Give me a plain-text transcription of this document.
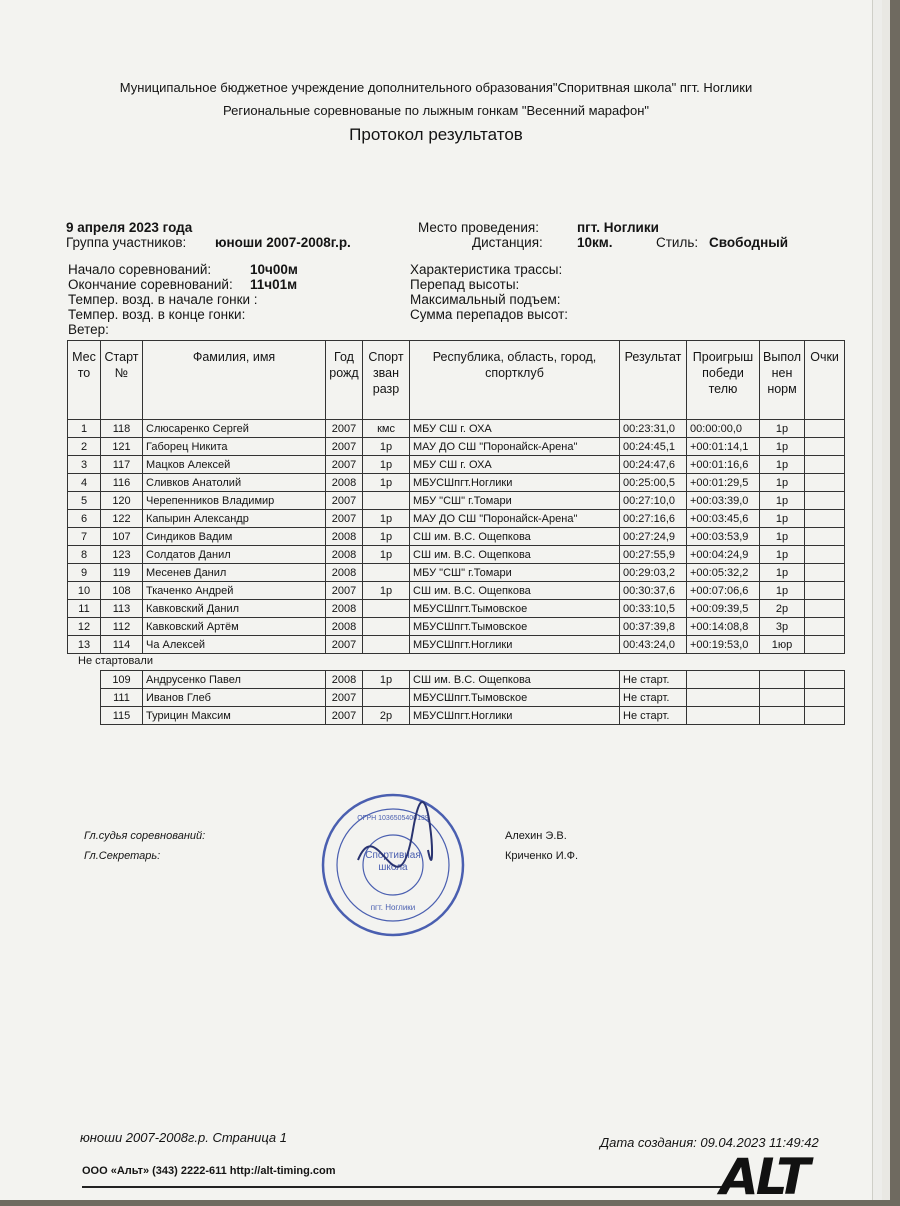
Муниципальное бюджетное учреждение дополнительного образования"Споритвная школа" пгт. Ноглики
Региональные соревнованые по лыжным гонкам "Весенний марафон"
Протокол результатов
9 апреля 2023 года
Группа участников: юноши 2007-2008г.р.
Место проведения:	пгт. Ноглики
Дистанция:	10км.	Стиль: Свободный
Начало соревнований:	10ч00м
Окончание соревнований: 11ч01м
Темпер. возд. в начале гонки :
Темпер. возд. в конце гонки:
Ветер:
Характеристика трассы:
Перепад высоты:
Максимальный подъем:
Сумма перепадов высот:
Мес то	Старт №	Фамилия, имя	Год рожд	Спорт зван разр	Республика, область, город, спортклуб	Результат	Проигрыш победи телю	Выпол нен норм	Очки
1	118	Слюсаренко Сергей	2007	кмс	МБУ СШ г. ОХА	00:23:31,0	00:00:00,0	1р	
2	121	Габорец Никита	2007	1р	МАУ ДО СШ "Поронайск-Арена"	00:24:45,1	+00:01:14,1	1р	
3	117	Мацков Алексей	2007	1р	МБУ СШ г. ОХА	00:24:47,6	+00:01:16,6	1р	
4	116	Сливков Анатолий	2008	1р	МБУСШпгт.Ноглики	00:25:00,5	+00:01:29,5	1р	
5	120	Черепенников Владимир	2007		МБУ "СШ" г.Томари	00:27:10,0	+00:03:39,0	1р	
6	122	Капырин Александр	2007	1р	МАУ ДО СШ "Поронайск-Арена"	00:27:16,6	+00:03:45,6	1р	
7	107	Синдиков Вадим	2008	1р	СШ им. В.С. Ощепкова	00:27:24,9	+00:03:53,9	1р	
8	123	Солдатов Данил	2008	1р	СШ им. В.С. Ощепкова	00:27:55,9	+00:04:24,9	1р	
9	119	Месенев Данил	2008		МБУ "СШ" г.Томари	00:29:03,2	+00:05:32,2	1р	
10	108	Ткаченко Андрей	2007	1р	СШ им. В.С. Ощепкова	00:30:37,6	+00:07:06,6	1р	
11	113	Кавковский Данил	2008		МБУСШпгт.Тымовское	00:33:10,5	+00:09:39,5	2р	
12	112	Кавковский Артём	2008		МБУСШпгт.Тымовское	00:37:39,8	+00:14:08,8	3р	
13	114	Ча Алексей	2007		МБУСШпгт.Ноглики	00:43:24,0	+00:19:53,0	1юр	
Не стартовали
109	Андрусенко Павел	2008	1р	СШ им. В.С. Ощепкова	Не старт.			
111	Иванов Глеб	2007		МБУСШпгт.Тымовское	Не старт.			
115	Турицин Максим	2007	2р	МБУСШпгт.Ноглики	Не старт.			
Гл.судья соревнований:
Гл.Секретарь:
Алехин Э.В.
Криченко И.Ф.
Спортивная
школа
пгт. Ноглики
ОГРН 1036505400139
юноши 2007-2008г.р. Страница 1	Дата создания: 09.04.2023 11:49:42
ООО «Альт» (343) 2222-611 http://alt-timing.com	ALT
